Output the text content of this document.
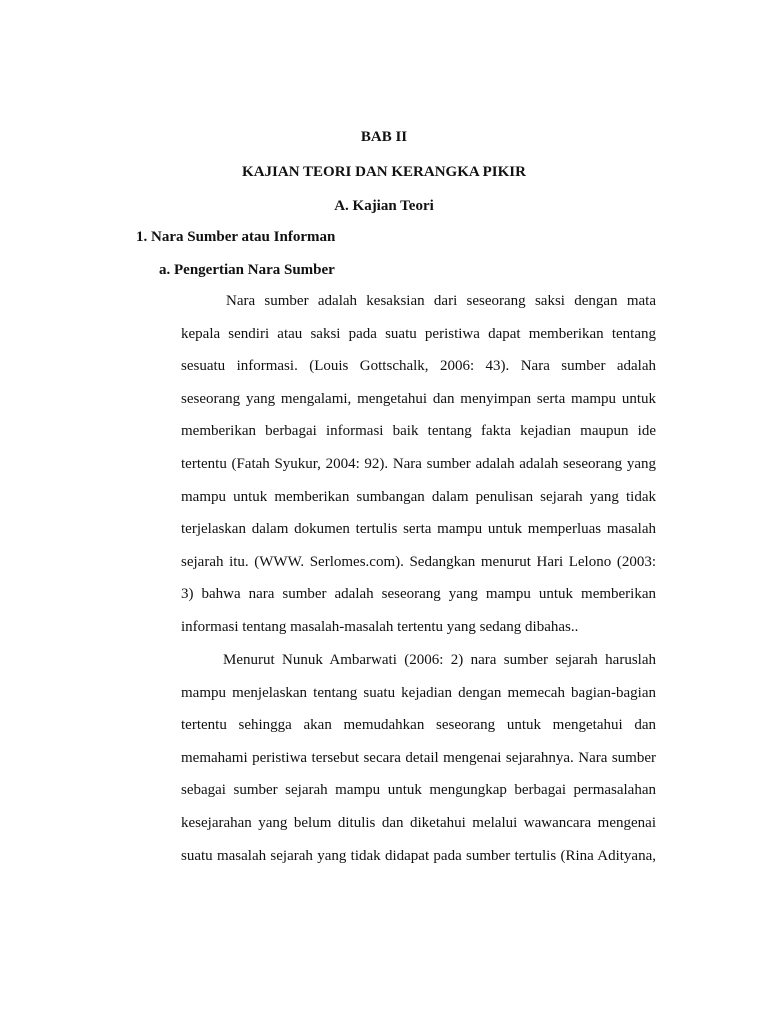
BAB II
KAJIAN TEORI DAN KERANGKA PIKIR
A. Kajian Teori
1. Nara Sumber atau Informan
a. Pengertian Nara Sumber
Nara sumber adalah kesaksian dari seseorang saksi dengan mata
kepala sendiri atau saksi pada suatu peristiwa dapat memberikan tentang
sesuatu informasi. (Louis Gottschalk, 2006: 43). Nara sumber adalah
seseorang yang mengalami, mengetahui dan menyimpan serta mampu untuk
memberikan berbagai informasi baik tentang fakta kejadian maupun ide
tertentu (Fatah Syukur, 2004: 92). Nara sumber adalah adalah seseorang yang
mampu untuk memberikan sumbangan dalam penulisan sejarah yang tidak
terjelaskan dalam dokumen tertulis serta mampu untuk memperluas masalah
sejarah itu. (WWW. Serlomes.com). Sedangkan menurut Hari Lelono (2003:
3) bahwa nara sumber adalah seseorang yang mampu untuk memberikan
informasi tentang masalah-masalah tertentu yang sedang dibahas..
Menurut Nunuk Ambarwati (2006: 2) nara sumber sejarah haruslah
mampu menjelaskan tentang suatu kejadian dengan memecah bagian-bagian
tertentu sehingga akan memudahkan seseorang untuk mengetahui dan
memahami peristiwa tersebut secara detail mengenai sejarahnya. Nara sumber
sebagai sumber sejarah mampu untuk mengungkap berbagai permasalahan
kesejarahan yang belum ditulis dan diketahui melalui wawancara mengenai
suatu masalah sejarah yang tidak didapat pada sumber tertulis (Rina Adityana,
